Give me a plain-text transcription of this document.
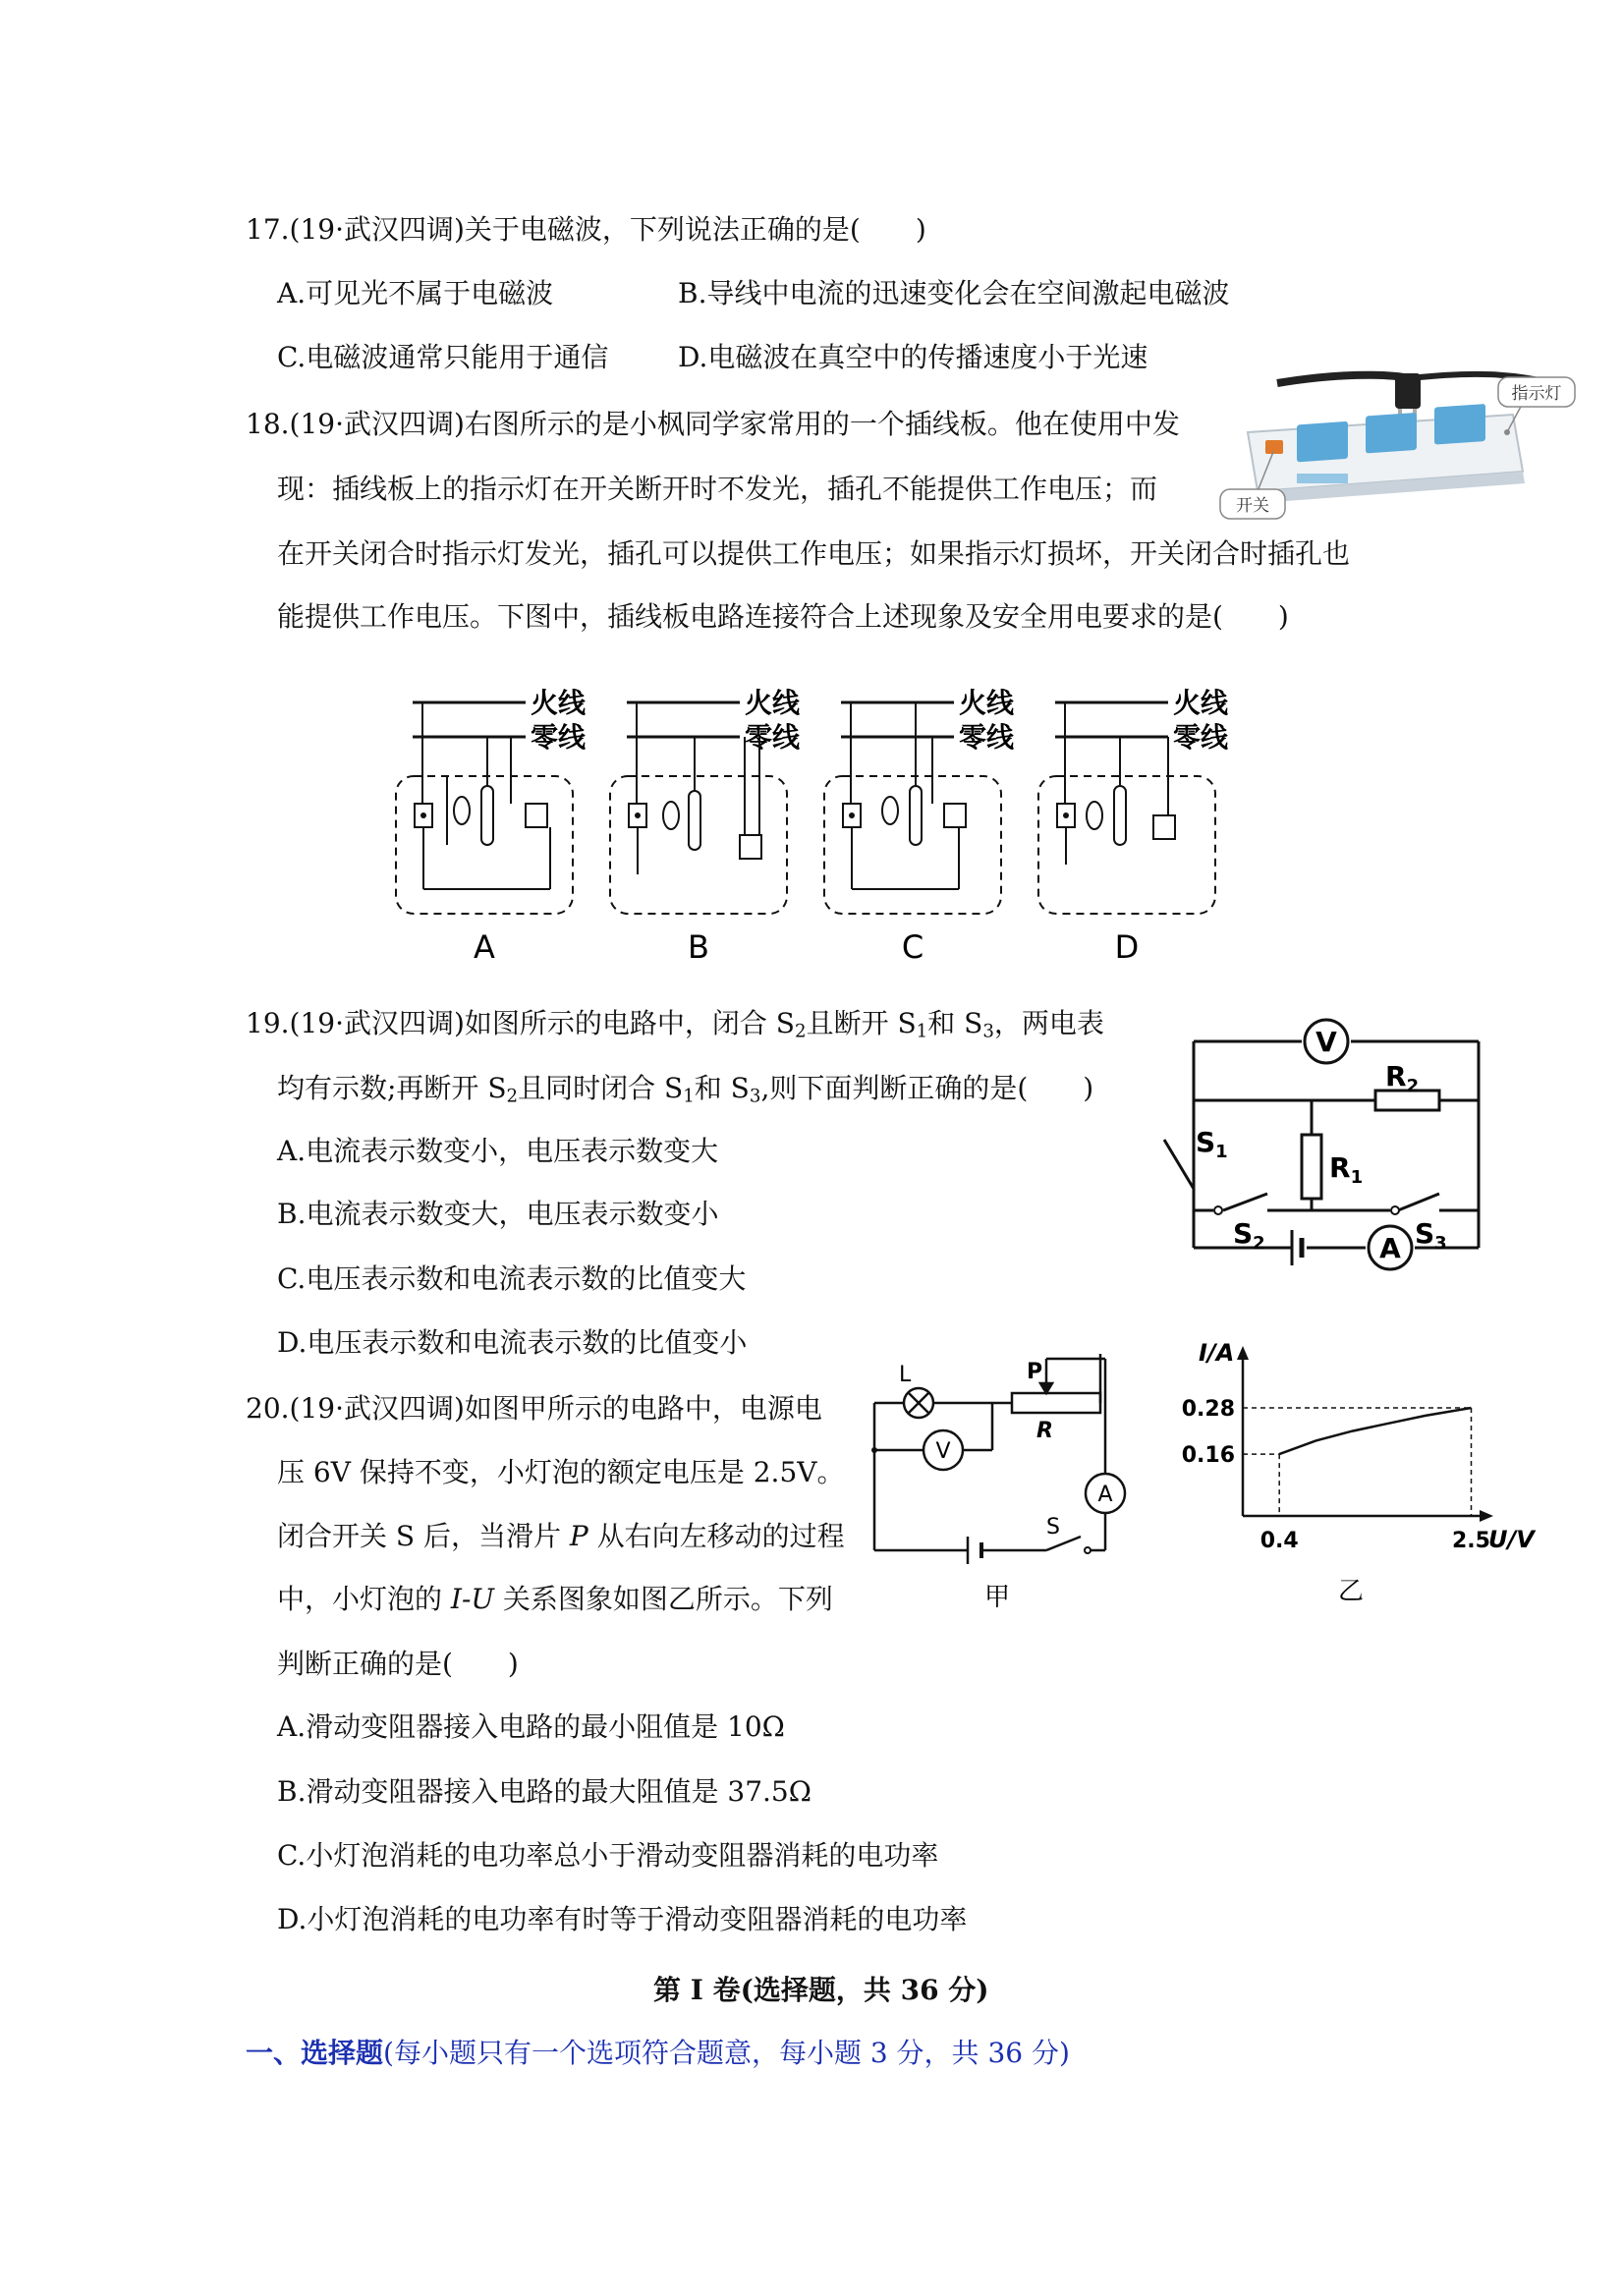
17.(19·武汉四调)关于电磁波，下列说法正确的是(　　)
A.可见光不属于电磁波	B.导线中电流的迅速变化会在空间激起电磁波
C.电磁波通常只能用于通信	D.电磁波在真空中的传播速度小于光速
18.(19·武汉四调)右图所示的是小枫同学家常用的一个插线板。他在使用中发
现：插线板上的指示灯在开关断开时不发光，插孔不能提供工作电压；而
在开关闭合时指示灯发光，插孔可以提供工作电压；如果指示灯损坏，开关闭合时插孔也
能提供工作电压。下图中，插线板电路连接符合上述现象及安全用电要求的是(　　)
指示灯
开关
火线
零线
A
火线
零线
B
火线
零线
C
火线
零线
D
19.(19·武汉四调)如图所示的电路中，闭合 $S_2$且断开 $S_1$和 $S_3$，两电表
均有示数;再断开 $S_2$且同时闭合 $S_1$和 $S_3$,则下面判断正确的是(　　)
A.电流表示数变小，电压表示数变大
B.电流表示数变大，电压表示数变小
C.电压表示数和电流表示数的比值变大
D.电压表示数和电流表示数的比值变小
V
A
$R_2$
$R_1$
$S_1$
$S_2$	$S_3$
20.(19·武汉四调)如图甲所示的电路中，电源电
压 6V 保持不变，小灯泡的额定电压是 2.5V。
闭合开关 S 后，当滑片 P 从右向左移动的过程
中，小灯泡的 I-U 关系图象如图乙所示。下列
判断正确的是(　　)
A.滑动变阻器接入电路的最小阻值是 10Ω
B.滑动变阻器接入电路的最大阻值是 37.5Ω
C.小灯泡消耗的电功率总小于滑动变阻器消耗的电功率
D.小灯泡消耗的电功率有时等于滑动变阻器消耗的电功率
L	P
R
V
A
S
甲
I/A
U/V
0.4	2.5
0.28
0.16
乙
第 I 卷(选择题，共 36 分)
一、选择题(每小题只有一个选项符合题意，每小题 3 分，共 36 分)
